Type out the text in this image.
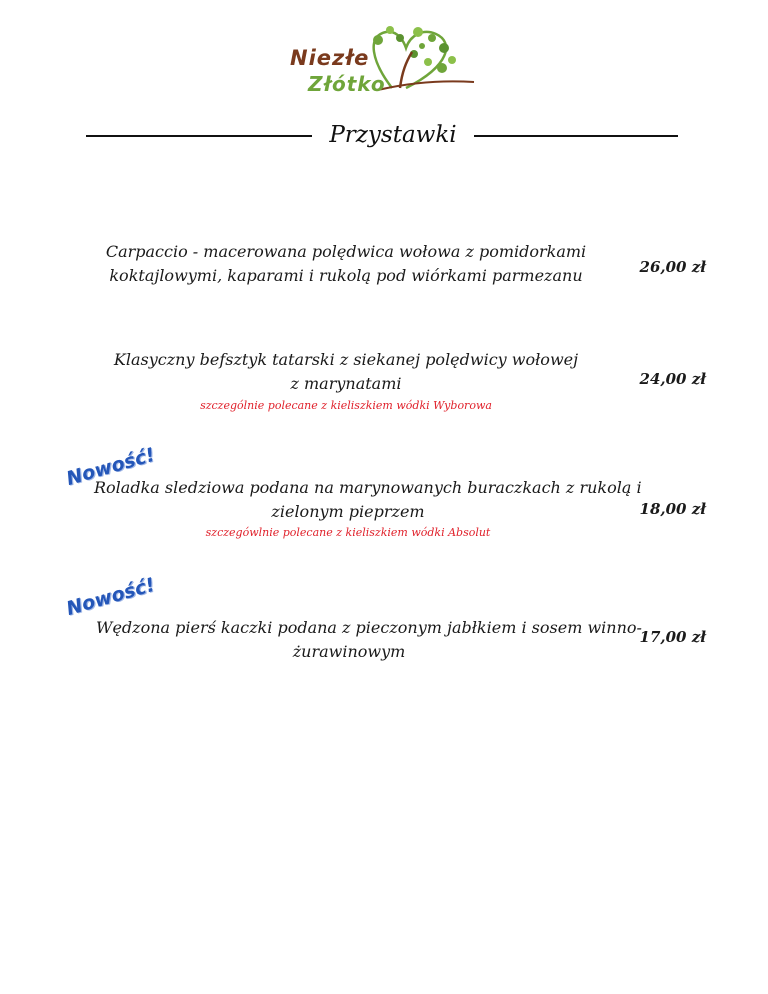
Niezłe
Złótko
Przystawki
Carpaccio - macerowana polędwica wołowa z pomidorkami
koktajlowymi, kaparami i rukolą pod wiórkami parmezanu	26,00 zł
Klasyczny befsztyk tatarski z siekanej polędwicy wołowej
z marynatami
szczególnie polecane z kieliszkiem wódki Wyborowa
24,00 zł
Nowość!
Roladka sledziowa podana na marynowanych buraczkach z rukolą i
zielonym pieprzem
szczegówlnie polecane z kieliszkiem wódki Absolut
18,00 zł
Nowość!
Wędzona pierś kaczki podana z pieczonym jabłkiem i sosem winno-
żurawinowym
17,00 zł
